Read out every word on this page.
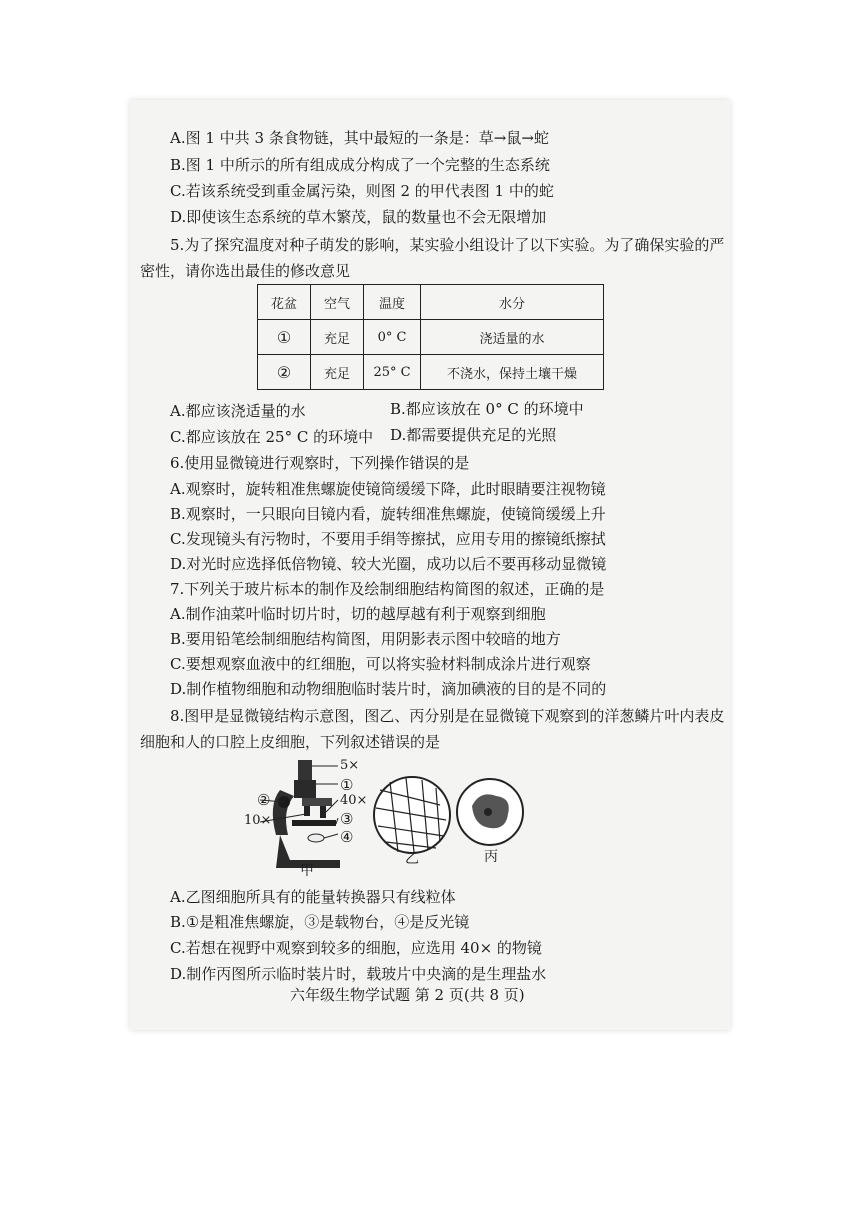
A.图 1 中共 3 条食物链，其中最短的一条是：草→鼠→蛇
B.图 1 中所示的所有组成成分构成了一个完整的生态系统
C.若该系统受到重金属污染，则图 2 的甲代表图 1 中的蛇
D.即使该生态系统的草木繁茂，鼠的数量也不会无限增加
5.为了探究温度对种子萌发的影响，某实验小组设计了以下实验。为了确保实验的严
密性，请你选出最佳的修改意见
花盆	空气	温度	水分
①	充足	0° C	浇适量的水
②	充足	25° C	不浇水，保持土壤干燥
A.都应该浇适量的水	B.都应该放在 0° C 的环境中
C.都应该放在 25° C 的环境中 D.都需要提供充足的光照
6.使用显微镜进行观察时，下列操作错误的是
A.观察时，旋转粗准焦螺旋使镜筒缓缓下降，此时眼睛要注视物镜
B.观察时，一只眼向目镜内看，旋转细准焦螺旋，使镜筒缓缓上升
C.发现镜头有污物时，不要用手绢等擦拭，应用专用的擦镜纸擦拭
D.对光时应选择低倍物镜、较大光圈，成功以后不要再移动显微镜
7.下列关于玻片标本的制作及绘制细胞结构简图的叙述，正确的是
A.制作油菜叶临时切片时，切的越厚越有利于观察到细胞
B.要用铅笔绘制细胞结构简图，用阴影表示图中较暗的地方
C.要想观察血液中的红细胞，可以将实验材料制成涂片进行观察
D.制作植物细胞和动物细胞临时装片时，滴加碘液的目的是不同的
8.图甲是显微镜结构示意图，图乙、丙分别是在显微镜下观察到的洋葱鳞片叶内表皮
细胞和人的口腔上皮细胞，下列叙述错误的是
5×
①
②	40×
10×	③
④
甲
乙	丙
A.乙图细胞所具有的能量转换器只有线粒体
B.①是粗准焦螺旋，③是载物台，④是反光镜
C.若想在视野中观察到较多的细胞，应选用 40× 的物镜
D.制作丙图所示临时装片时，载玻片中央滴的是生理盐水
六年级生物学试题 第 2 页(共 8 页)
